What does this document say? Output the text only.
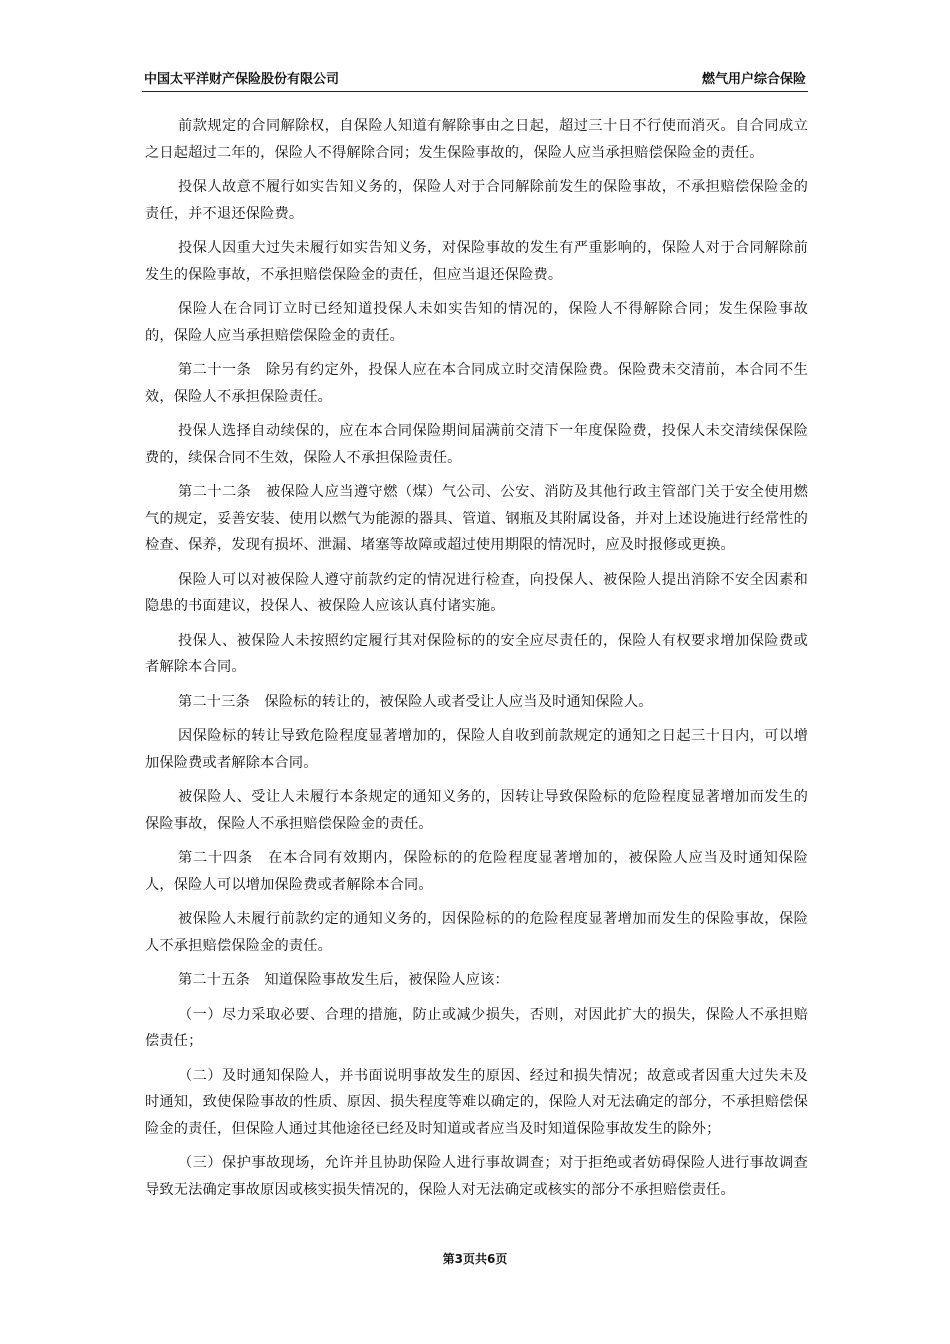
中国太平洋财产保险股份有限公司	燃气用户综合保险

前款规定的合同解除权，自保险人知道有解除事由之日起，超过三十日不行使而消灭。自合同成立之日起超过二年的，保险人不得解除合同；发生保险事故的，保险人应当承担赔偿保险金的责任。

投保人故意不履行如实告知义务的，保险人对于合同解除前发生的保险事故，不承担赔偿保险金的责任，并不退还保险费。

投保人因重大过失未履行如实告知义务，对保险事故的发生有严重影响的，保险人对于合同解除前发生的保险事故，不承担赔偿保险金的责任，但应当退还保险费。

保险人在合同订立时已经知道投保人未如实告知的情况的，保险人不得解除合同；发生保险事故的，保险人应当承担赔偿保险金的责任。

第二十一条　除另有约定外，投保人应在本合同成立时交清保险费。保险费未交清前，本合同不生效，保险人不承担保险责任。

投保人选择自动续保的，应在本合同保险期间届满前交清下一年度保险费，投保人未交清续保保险费的，续保合同不生效，保险人不承担保险责任。

第二十二条　被保险人应当遵守燃（煤）气公司、公安、消防及其他行政主管部门关于安全使用燃气的规定，妥善安装、使用以燃气为能源的器具、管道、钢瓶及其附属设备，并对上述设施进行经常性的检查、保养，发现有损坏、泄漏、堵塞等故障或超过使用期限的情况时，应及时报修或更换。

保险人可以对被保险人遵守前款约定的情况进行检查，向投保人、被保险人提出消除不安全因素和隐患的书面建议，投保人、被保险人应该认真付诸实施。

投保人、被保险人未按照约定履行其对保险标的的安全应尽责任的，保险人有权要求增加保险费或者解除本合同。

第二十三条　保险标的转让的，被保险人或者受让人应当及时通知保险人。

因保险标的转让导致危险程度显著增加的，保险人自收到前款规定的通知之日起三十日内，可以增加保险费或者解除本合同。

被保险人、受让人未履行本条规定的通知义务的，因转让导致保险标的危险程度显著增加而发生的保险事故，保险人不承担赔偿保险金的责任。

第二十四条　在本合同有效期内，保险标的的危险程度显著增加的，被保险人应当及时通知保险人，保险人可以增加保险费或者解除本合同。

被保险人未履行前款约定的通知义务的，因保险标的的危险程度显著增加而发生的保险事故，保险人不承担赔偿保险金的责任。

第二十五条　知道保险事故发生后，被保险人应该：

（一）尽力采取必要、合理的措施，防止或减少损失，否则，对因此扩大的损失，保险人不承担赔偿责任；

（二）及时通知保险人，并书面说明事故发生的原因、经过和损失情况；故意或者因重大过失未及时通知，致使保险事故的性质、原因、损失程度等难以确定的，保险人对无法确定的部分，不承担赔偿保险金的责任，但保险人通过其他途径已经及时知道或者应当及时知道保险事故发生的除外；

（三）保护事故现场，允许并且协助保险人进行事故调查；对于拒绝或者妨碍保险人进行事故调查导致无法确定事故原因或核实损失情况的，保险人对无法确定或核实的部分不承担赔偿责任。

第3页共6页
